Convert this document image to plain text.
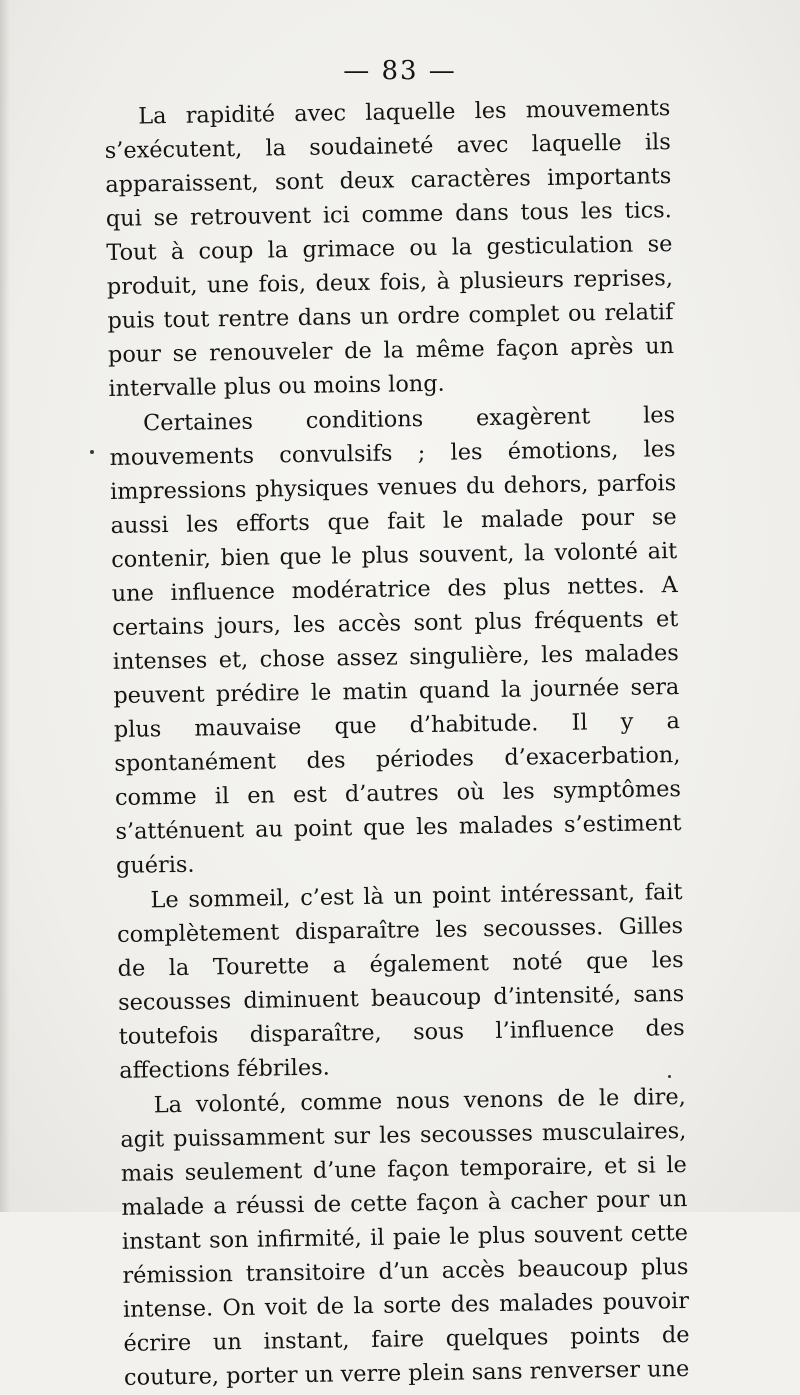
— 83 —

La rapidité avec laquelle les mouvements s’exécutent, la soudaineté avec laquelle ils apparaissent, sont deux caractères importants qui se retrouvent ici comme dans tous les tics. Tout à coup la grimace ou la gesticulation se produit, une fois, deux fois, à plusieurs reprises, puis tout rentre dans un ordre complet ou relatif pour se renouveler de la même façon après un intervalle plus ou moins long.

Certaines conditions exagèrent les mouvements convulsifs ; les émotions, les impressions physiques venues du dehors, parfois aussi les efforts que fait le malade pour se contenir, bien que le plus souvent, la volonté ait une influence modératrice des plus nettes. A certains jours, les accès sont plus fréquents et intenses et, chose assez singulière, les malades peuvent prédire le matin quand la journée sera plus mauvaise que d’habitude. Il y a spontanément des périodes d’exacerbation, comme il en est d’autres où les symptômes s’atténuent au point que les malades s’estiment guéris.

Le sommeil, c’est là un point intéressant, fait complètement disparaître les secousses. Gilles de la Tourette a également noté que les secousses diminuent beaucoup d’intensité, sans toutefois disparaître, sous l’influence des affections fébriles.

La volonté, comme nous venons de le dire, agit puissamment sur les secousses musculaires, mais seulement d’une façon temporaire, et si le malade a réussi de cette façon à cacher pour un instant son infirmité, il paie le plus souvent cette rémission transitoire d’un accès beaucoup plus intense. On voit de la sorte des malades pouvoir écrire un instant, faire quelques points de couture, porter un verre plein sans renverser une
